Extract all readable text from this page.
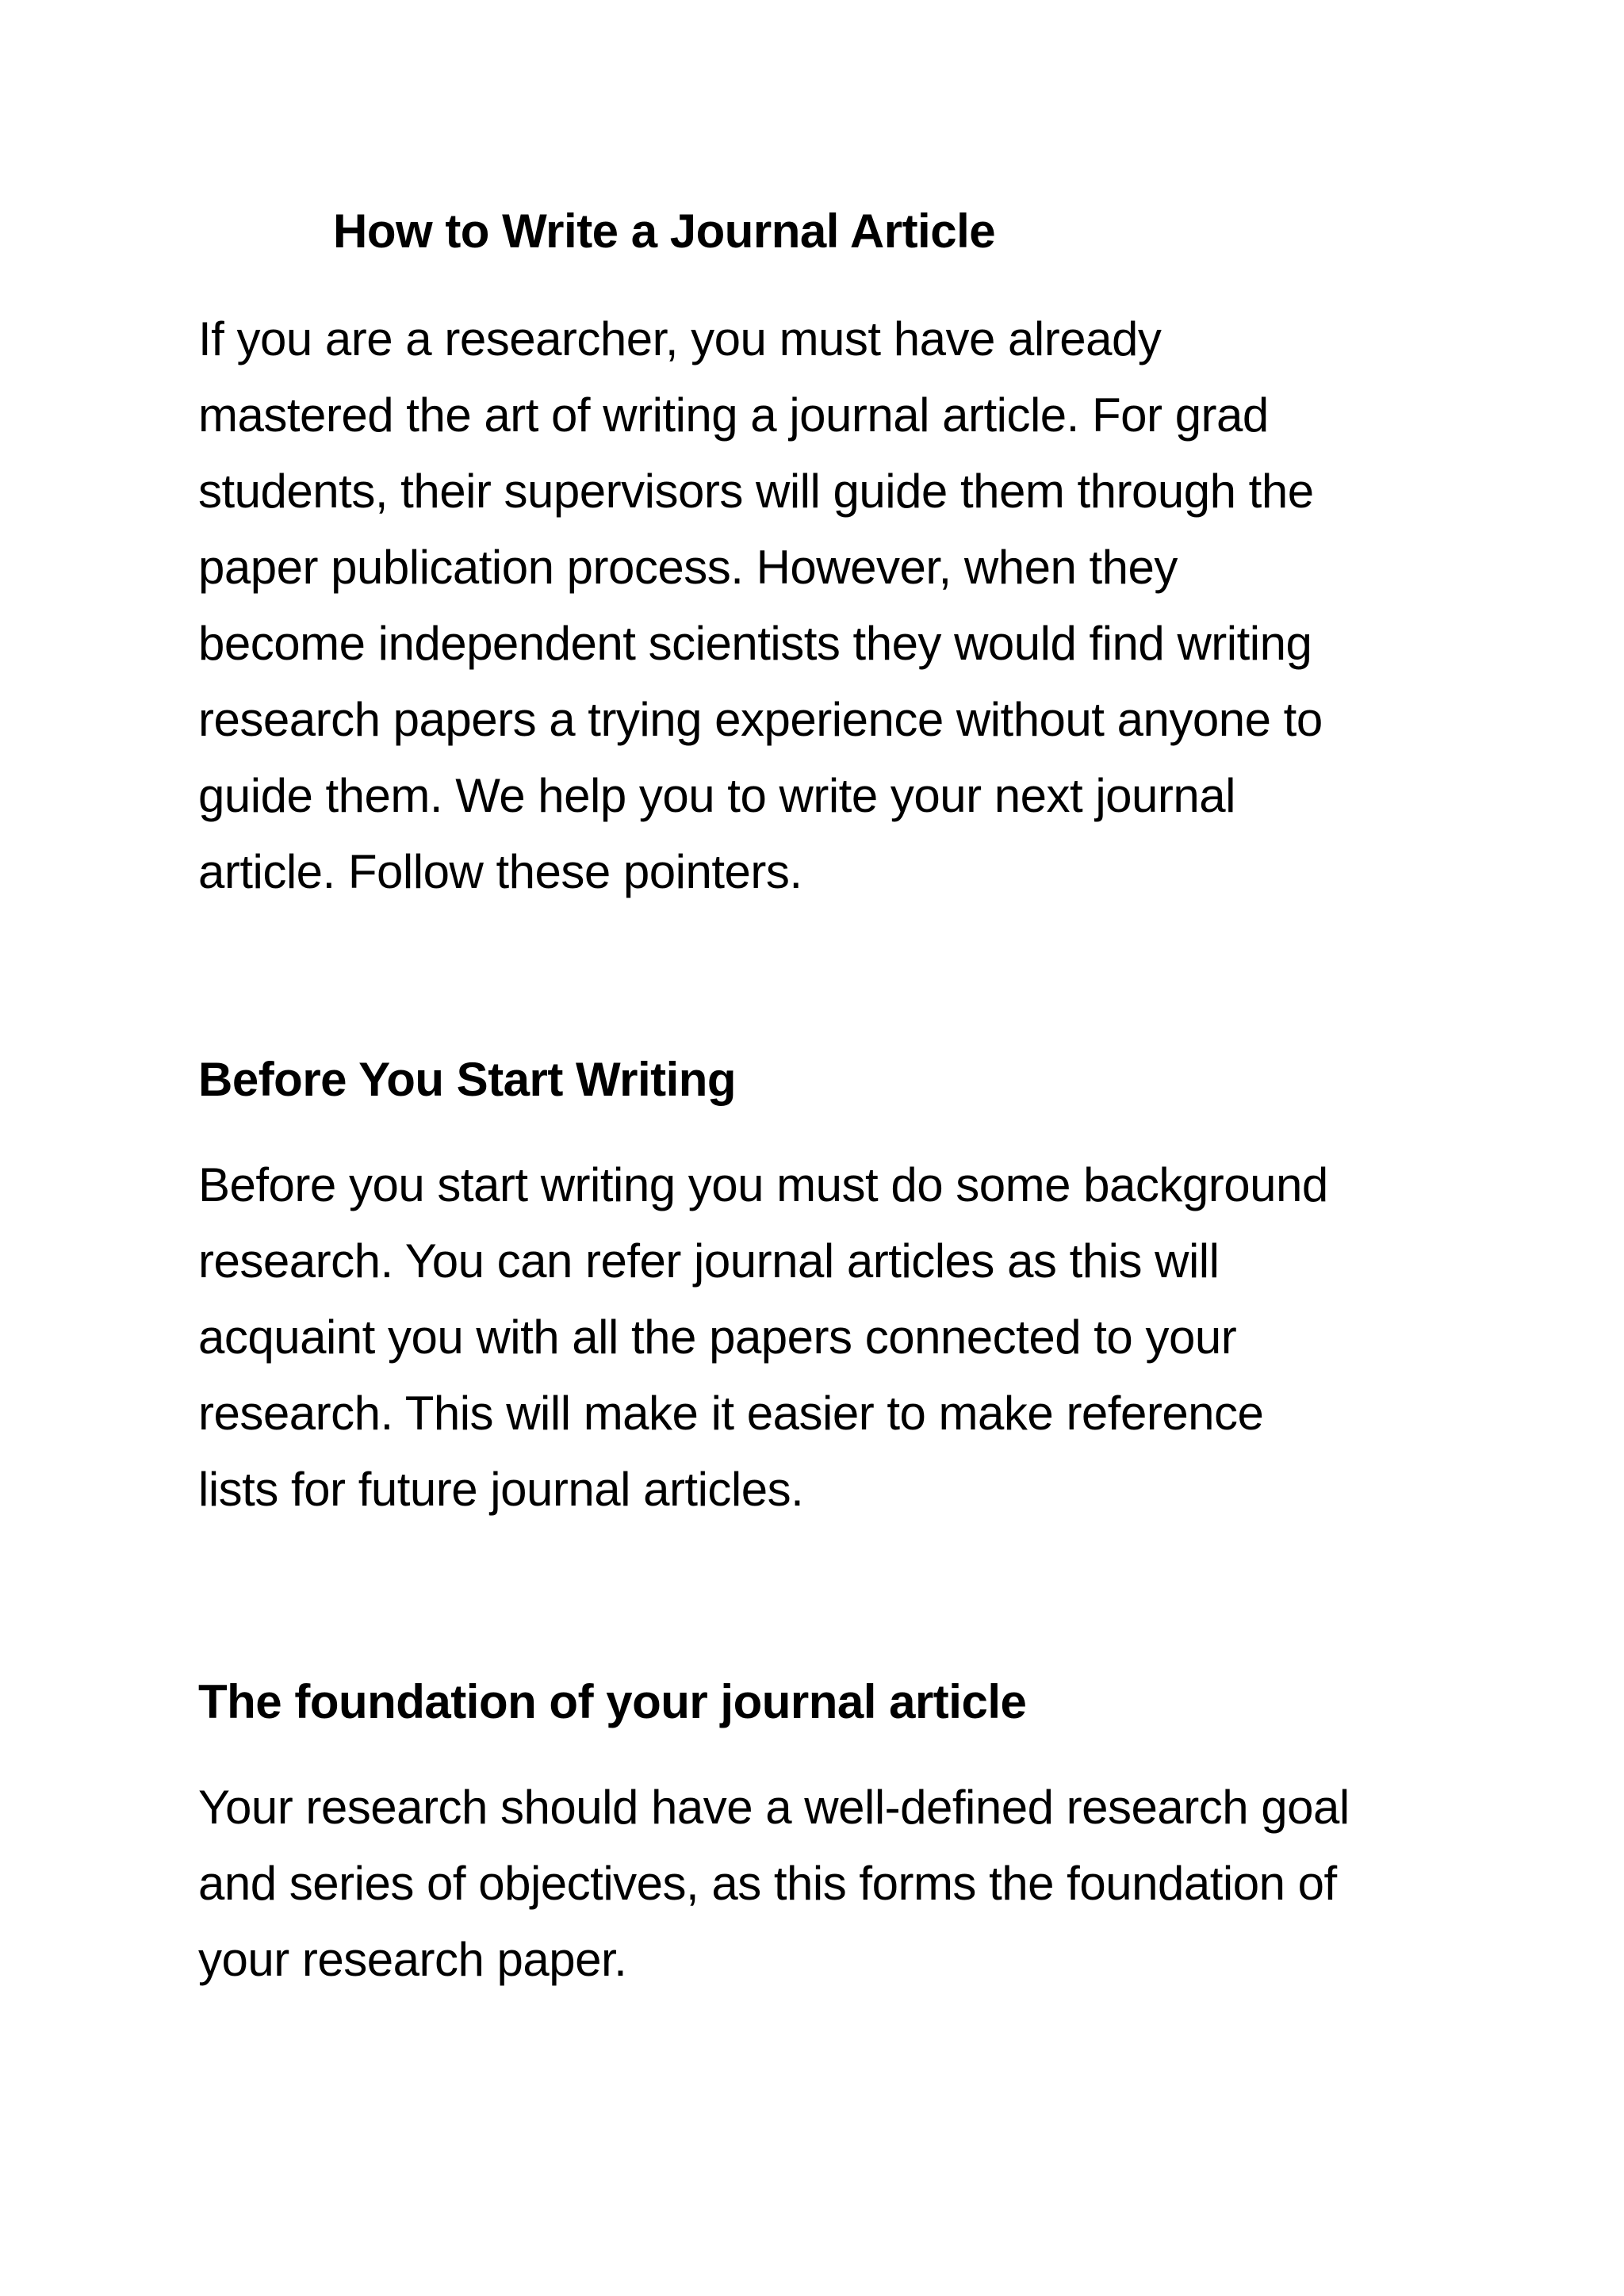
How to Write a Journal Article
If you are a researcher, you must have already
mastered the art of writing a journal article. For grad
students, their supervisors will guide them through the
paper publication process. However, when they
become independent scientists they would find writing
research papers a trying experience without anyone to
guide them. We help you to write your next journal
article. Follow these pointers.
Before You Start Writing
Before you start writing you must do some background
research. You can refer journal articles as this will
acquaint you with all the papers connected to your
research. This will make it easier to make reference
lists for future journal articles.
The foundation of your journal article
Your research should have a well-defined research goal
and series of objectives, as this forms the foundation of
your research paper.
